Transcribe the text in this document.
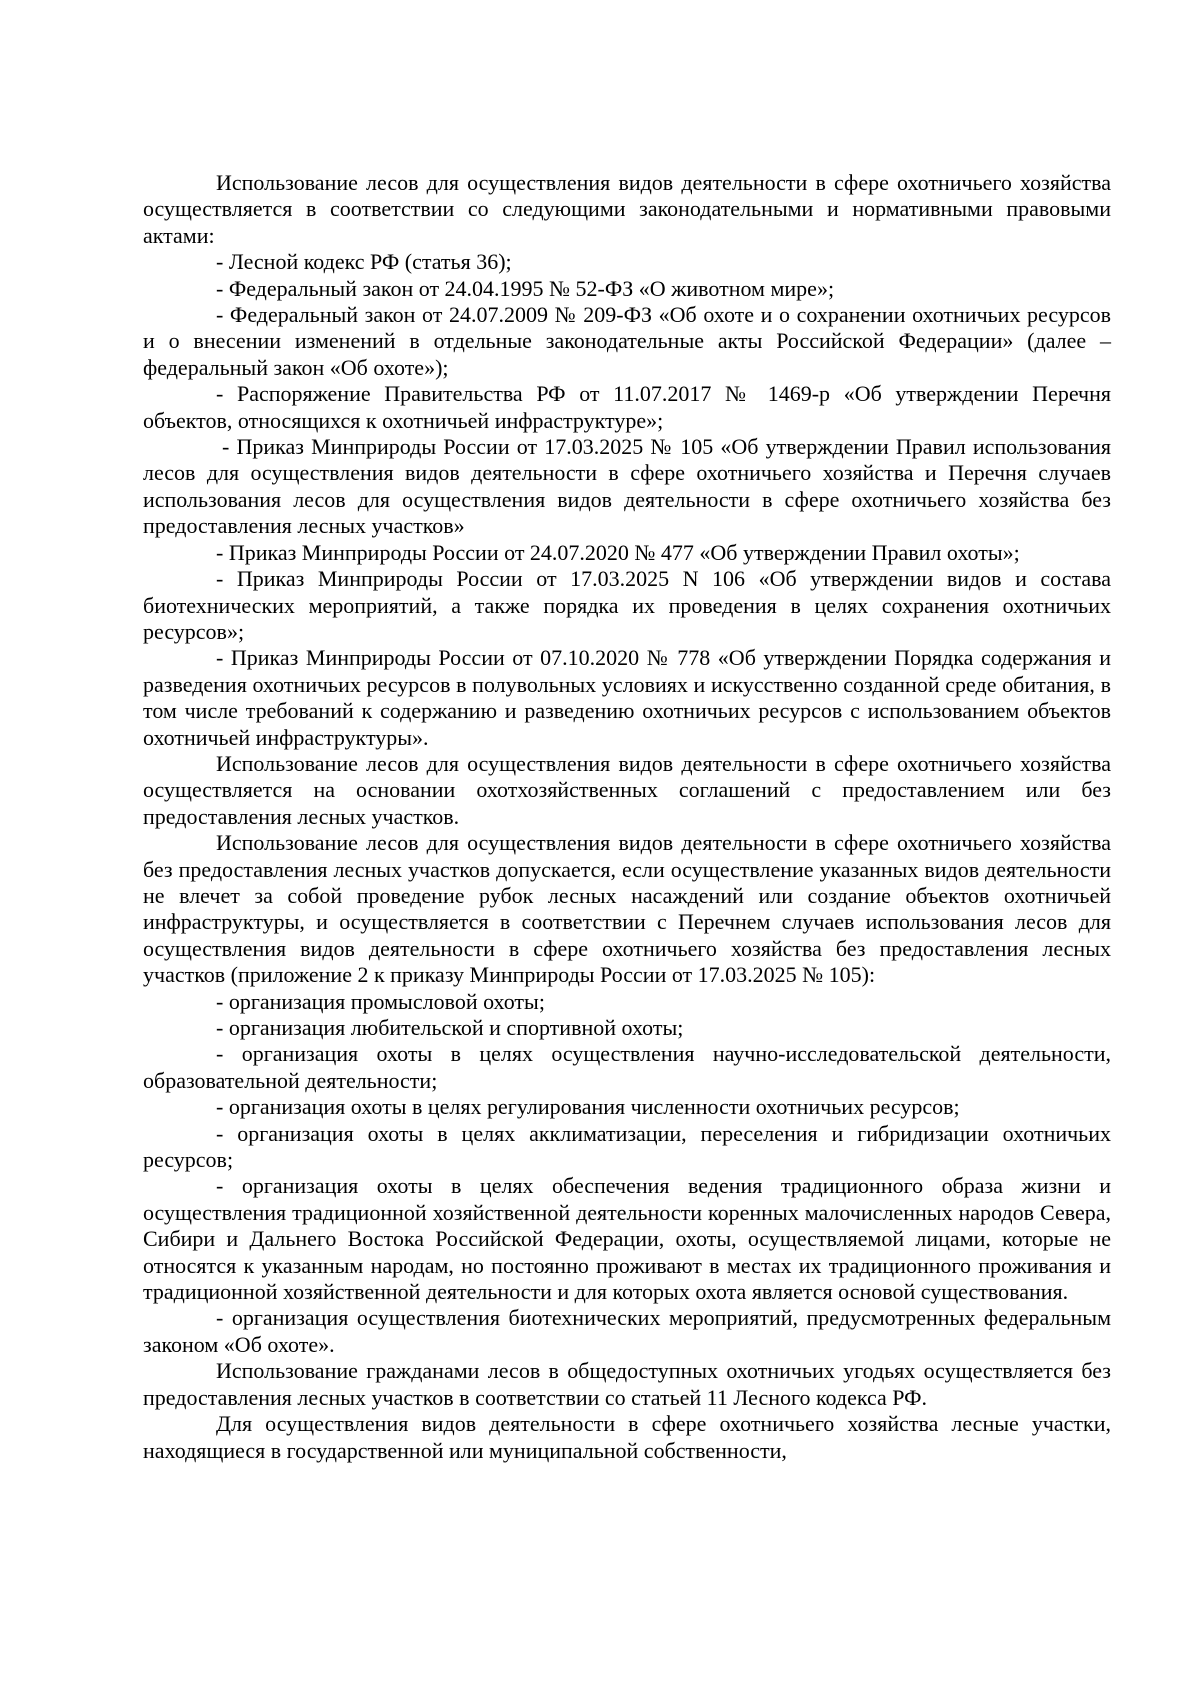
Использование лесов для осуществления видов деятельности в сфере охотничьего хозяйства осуществляется в соответствии со следующими законодательными и нормативными правовыми актами:

- Лесной кодекс РФ (статья 36);

- Федеральный закон от 24.04.1995 № 52-ФЗ «О животном мире»;

- Федеральный закон от 24.07.2009 № 209-ФЗ «Об охоте и о сохранении охотничьих ресурсов и о внесении изменений в отдельные законодательные акты Российской Федерации» (далее – федеральный закон «Об охоте»);

- Распоряжение Правительства РФ от 11.07.2017 № 1469-р «Об утверждении Перечня объектов, относящихся к охотничьей инфраструктуре»;

- Приказ Минприроды России от 17.03.2025 № 105 «Об утверждении Правил использования лесов для осуществления видов деятельности в сфере охотничьего хозяйства и Перечня случаев использования лесов для осуществления видов деятельности в сфере охотничьего хозяйства без предоставления лесных участков»

- Приказ Минприроды России от 24.07.2020 № 477 «Об утверждении Правил охоты»;

- Приказ Минприроды России от 17.03.2025 N 106 «Об утверждении видов и состава биотехнических мероприятий, а также порядка их проведения в целях сохранения охотничьих ресурсов»;

- Приказ Минприроды России от 07.10.2020 № 778 «Об утверждении Порядка содержания и разведения охотничьих ресурсов в полувольных условиях и искусственно созданной среде обитания, в том числе требований к содержанию и разведению охотничьих ресурсов с использованием объектов охотничьей инфраструктуры».

Использование лесов для осуществления видов деятельности в сфере охотничьего хозяйства осуществляется на основании охотхозяйственных соглашений с предоставлением или без предоставления лесных участков.

Использование лесов для осуществления видов деятельности в сфере охотничьего хозяйства без предоставления лесных участков допускается, если осуществление указанных видов деятельности не влечет за собой проведение рубок лесных насаждений или создание объектов охотничьей инфраструктуры, и осуществляется в соответствии с Перечнем случаев использования лесов для осуществления видов деятельности в сфере охотничьего хозяйства без предоставления лесных участков (приложение 2 к приказу Минприроды России от 17.03.2025 № 105):

- организация промысловой охоты;

- организация любительской и спортивной охоты;

- организация охоты в целях осуществления научно-исследовательской деятельности, образовательной деятельности;

- организация охоты в целях регулирования численности охотничьих ресурсов;

- организация охоты в целях акклиматизации, переселения и гибридизации охотничьих ресурсов;

- организация охоты в целях обеспечения ведения традиционного образа жизни и осуществления традиционной хозяйственной деятельности коренных малочисленных народов Севера, Сибири и Дальнего Востока Российской Федерации, охоты, осуществляемой лицами, которые не относятся к указанным народам, но постоянно проживают в местах их традиционного проживания и традиционной хозяйственной деятельности и для которых охота является основой существования.

- организация осуществления биотехнических мероприятий, предусмотренных федеральным законом «Об охоте».

Использование гражданами лесов в общедоступных охотничьих угодьях осуществляется без предоставления лесных участков в соответствии со статьей 11 Лесного кодекса РФ.

Для осуществления видов деятельности в сфере охотничьего хозяйства лесные участки, находящиеся в государственной или муниципальной собственности,
